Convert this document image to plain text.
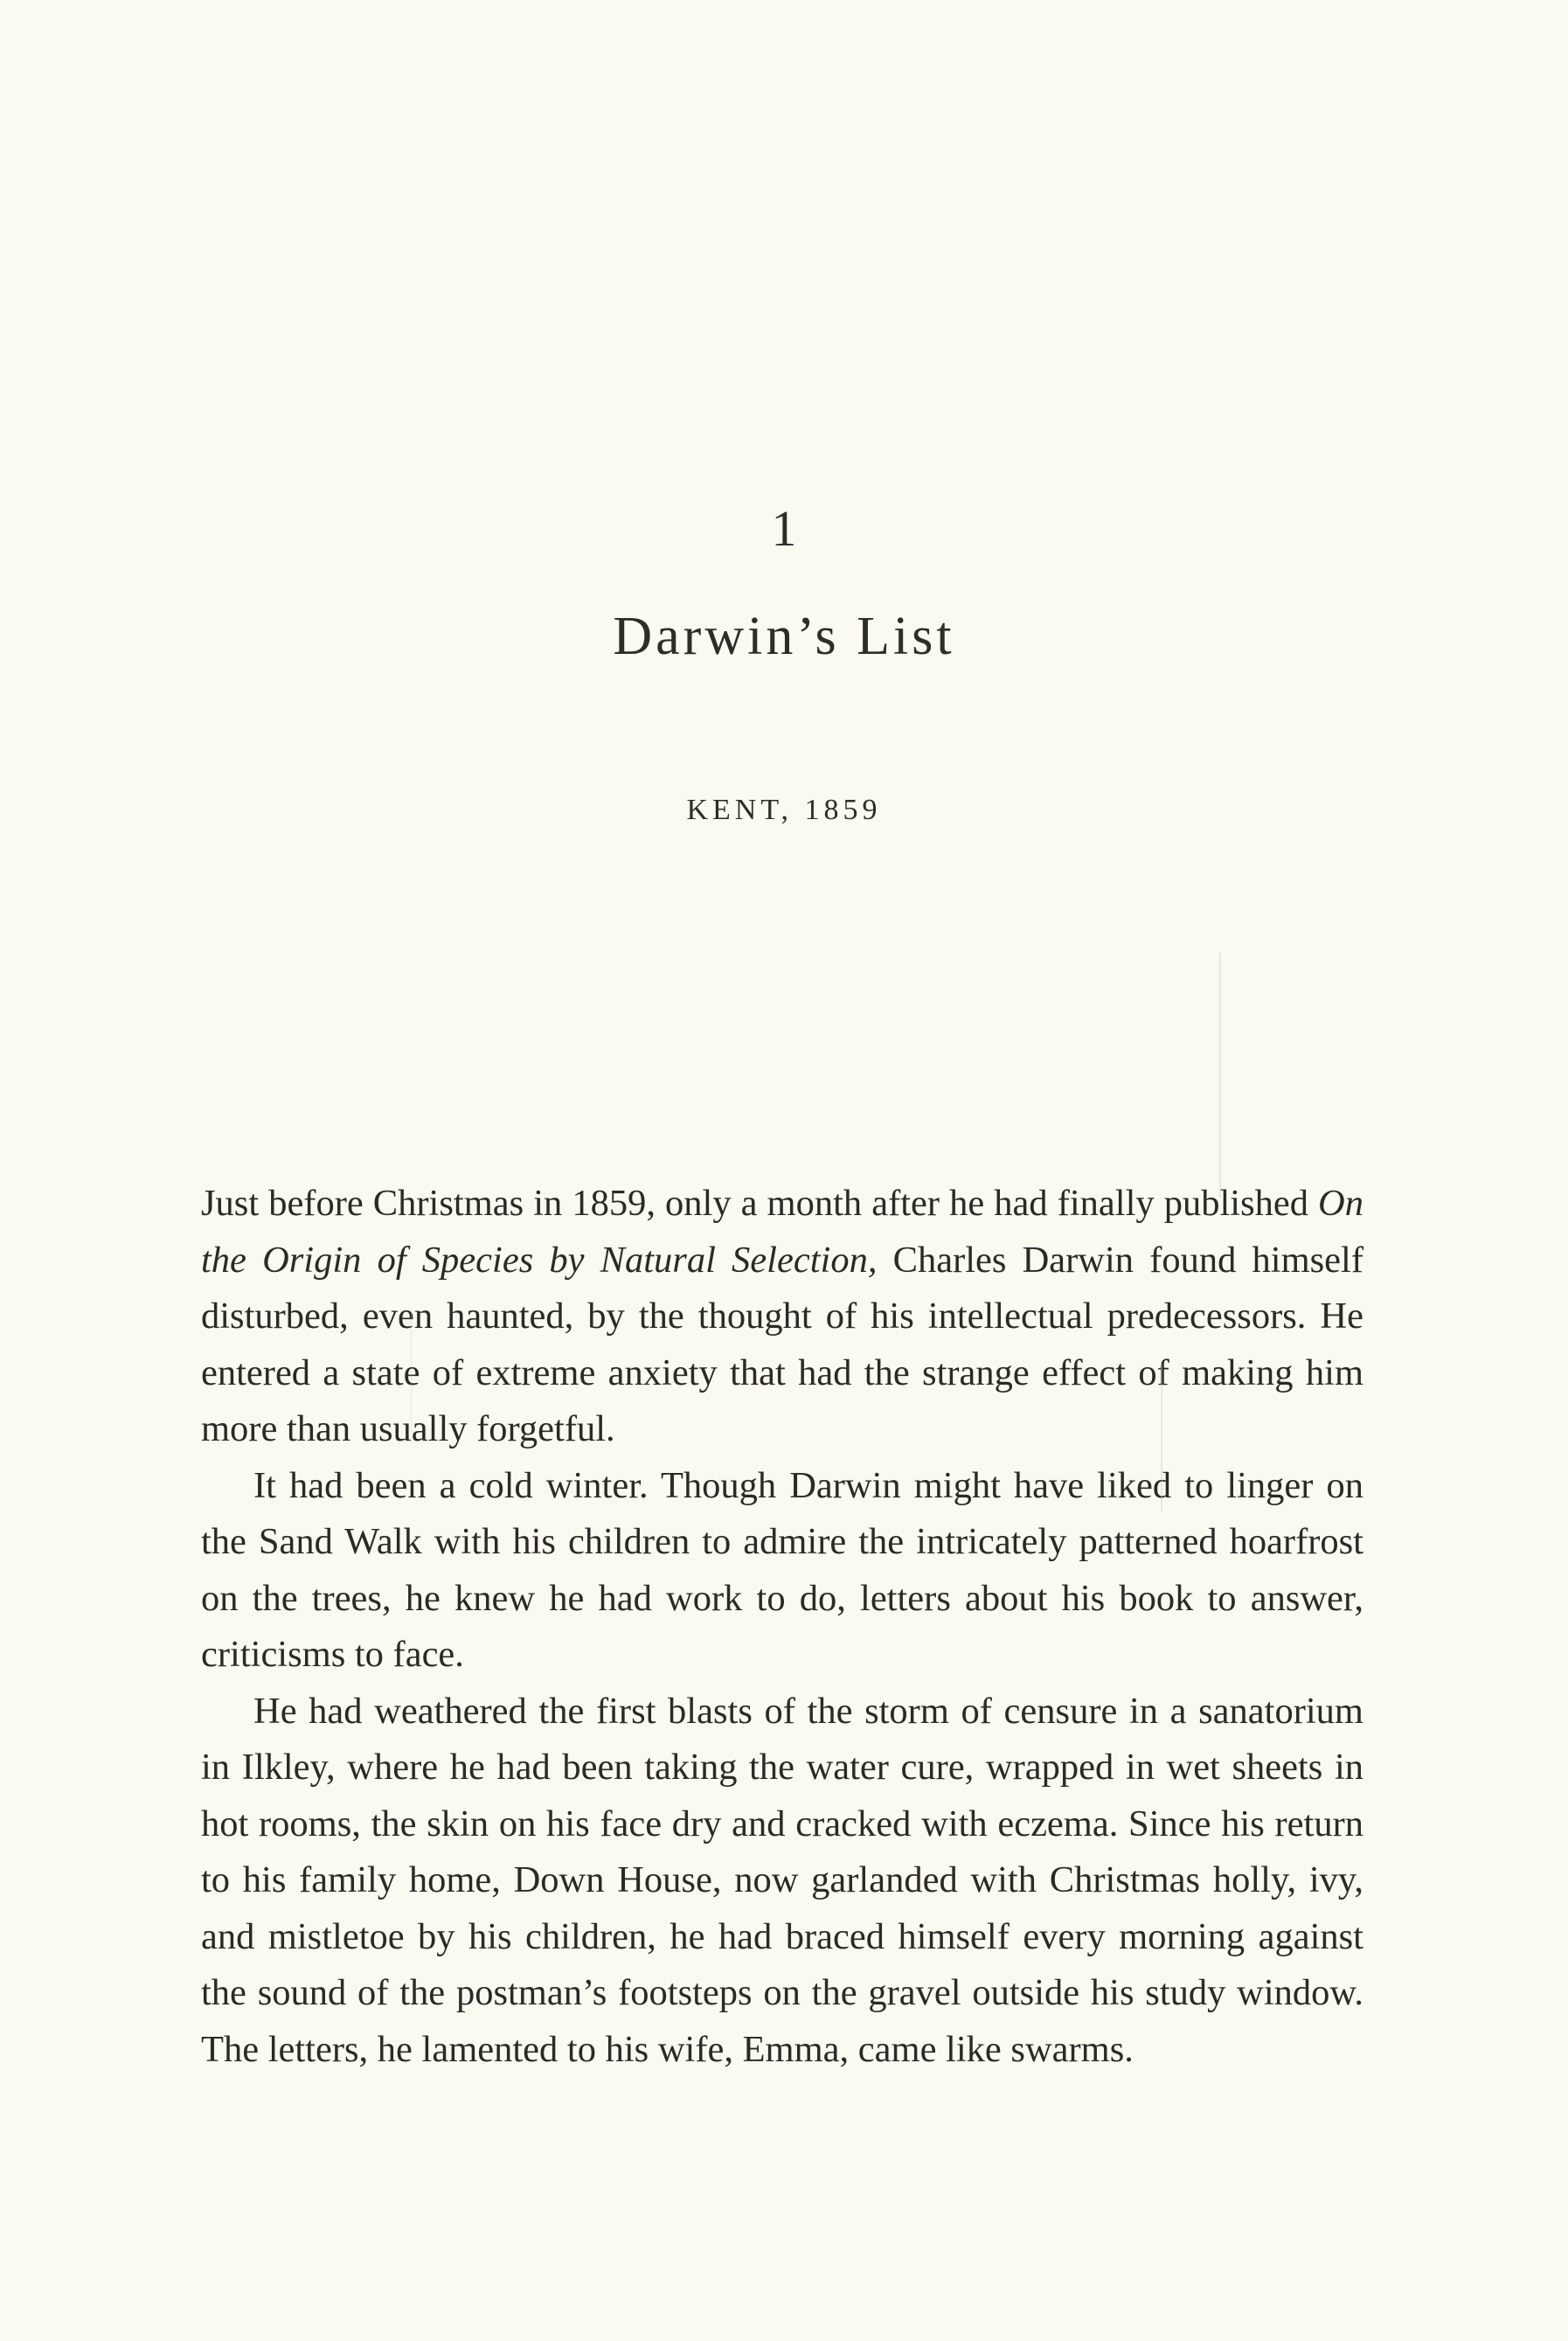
1
Darwin’s List
KENT, 1859

Just before Christmas in 1859, only a month after he had finally published On the Origin of Species by Natural Selection, Charles Darwin found himself disturbed, even haunted, by the thought of his intellectual predecessors. He entered a state of extreme anxiety that had the strange effect of making him more than usually forgetful.

It had been a cold winter. Though Darwin might have liked to linger on the Sand Walk with his children to admire the intricately patterned hoarfrost on the trees, he knew he had work to do, letters about his book to answer, criticisms to face.

He had weathered the first blasts of the storm of censure in a sanatorium in Ilkley, where he had been taking the water cure, wrapped in wet sheets in hot rooms, the skin on his face dry and cracked with eczema. Since his return to his family home, Down House, now garlanded with Christmas holly, ivy, and mistletoe by his children, he had braced himself every morning against the sound of the postman’s footsteps on the gravel outside his study window. The letters, he lamented to his wife, Emma, came like swarms.
